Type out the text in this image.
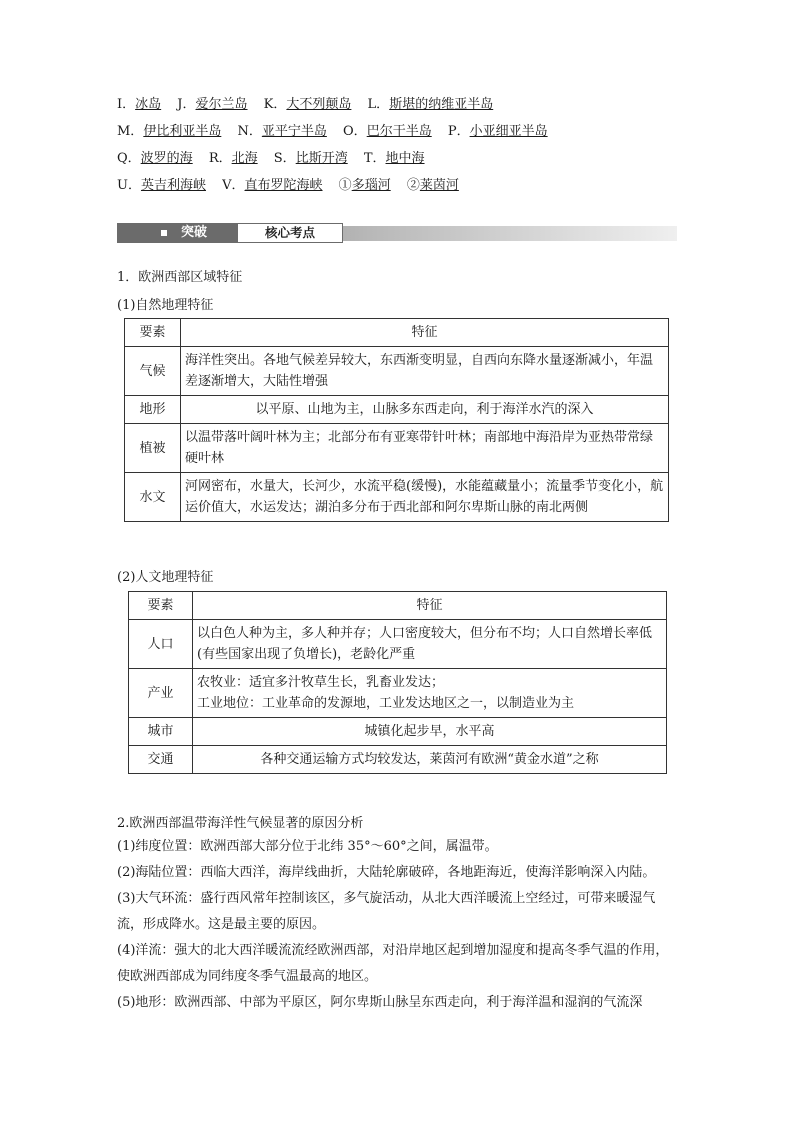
I．冰岛 J．爱尔兰岛 K．大不列颠岛 L．斯堪的纳维亚半岛
M．伊比利亚半岛 N．亚平宁半岛 O．巴尔干半岛 P．小亚细亚半岛
Q．波罗的海 R．北海 S．比斯开湾 T．地中海
U．英吉利海峡 V．直布罗陀海峡 ①多瑙河 ②莱茵河
突破	核心考点
1．欧洲西部区域特征
(1)自然地理特征
要素	特征
气候	海洋性突出。各地气候差异较大，东西渐变明显，自西向东降水量逐渐减小，年温差逐渐增大，大陆性增强
地形	以平原、山地为主，山脉多东西走向，利于海洋水汽的深入
植被	以温带落叶阔叶林为主；北部分布有亚寒带针叶林；南部地中海沿岸为亚热带常绿硬叶林
水文	河网密布，水量大，长河少，水流平稳(缓慢)，水能蕴藏量小；流量季节变化小，航运价值大，水运发达；湖泊多分布于西北部和阿尔卑斯山脉的南北两侧
(2)人文地理特征
要素	特征
人口	以白色人种为主，多人种并存；人口密度较大，但分布不均；人口自然增长率低(有些国家出现了负增长)，老龄化严重
产业	农牧业：适宜多汁牧草生长，乳畜业发达；
工业地位：工业革命的发源地，工业发达地区之一，以制造业为主

城市	城镇化起步早，水平高
交通	各种交通运输方式均较发达，莱茵河有欧洲“黄金水道”之称
2.欧洲西部温带海洋性气候显著的原因分析

(1)纬度位置：欧洲西部大部分位于北纬 35°～60°之间，属温带。

(2)海陆位置：西临大西洋，海岸线曲折，大陆轮廓破碎，各地距海近，使海洋影响深入内陆。

(3)大气环流：盛行西风常年控制该区，多气旋活动，从北大西洋暖流上空经过，可带来暖湿气流，形成降水。这是最主要的原因。

(4)洋流：强大的北大西洋暖流流经欧洲西部，对沿岸地区起到增加湿度和提高冬季气温的作用，使欧洲西部成为同纬度冬季气温最高的地区。

(5)地形：欧洲西部、中部为平原区，阿尔卑斯山脉呈东西走向，利于海洋温和湿润的气流深
